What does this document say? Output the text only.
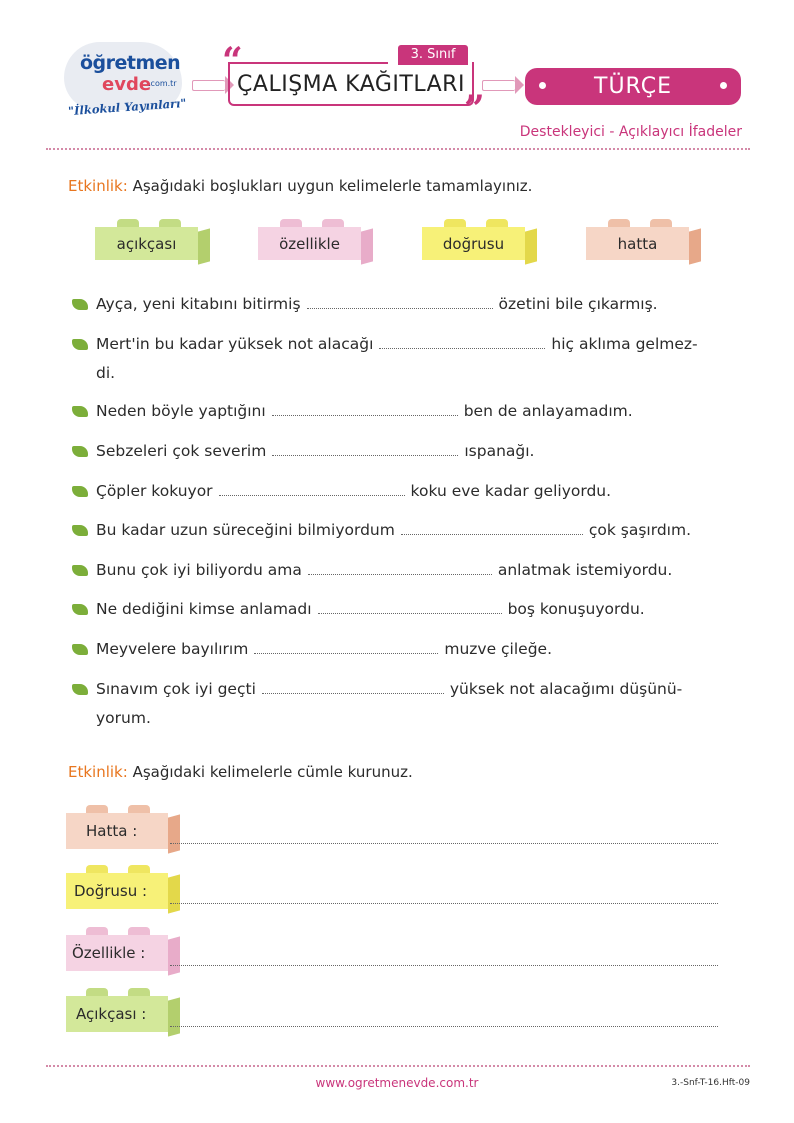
öğretmen
evde
.com.tr
"İlkokul Yayınları"
“	3. Sınıf
ÇALIŞMA KAĞITLARI
”
TÜRÇE
Destekleyici - Açıklayıcı İfadeler
Etkinlik: Aşağıdaki boşlukları uygun kelimelerle tamamlayınız.
açıkçası	özellikle	doğrusu	hatta
Ayça, yeni kitabını bitirmiş	özetini bile çıkarmış.
Mert'in bu kadar yüksek not alacağı	hiç aklıma gelmez-
di.
Neden böyle yaptığını	ben de anlayamadım.
Sebzeleri çok severim	ıspanağı.
Çöpler kokuyor	koku eve kadar geliyordu.
Bu kadar uzun süreceğini bilmiyordum	çok şaşırdım.
Bunu çok iyi biliyordu ama	anlatmak istemiyordu.
Ne dediğini kimse anlamadı	boş konuşuyordu.
Meyvelere bayılırım	muzve çileğe.
Sınavım çok iyi geçti	yüksek not alacağımı düşünü-
yorum.
Etkinlik: Aşağıdaki kelimelerle cümle kurunuz.
Hatta :
Doğrusu :
Özellikle :
Açıkçası :
www.ogretmenevde.com.tr	3.-Snf-T-16.Hft-09
